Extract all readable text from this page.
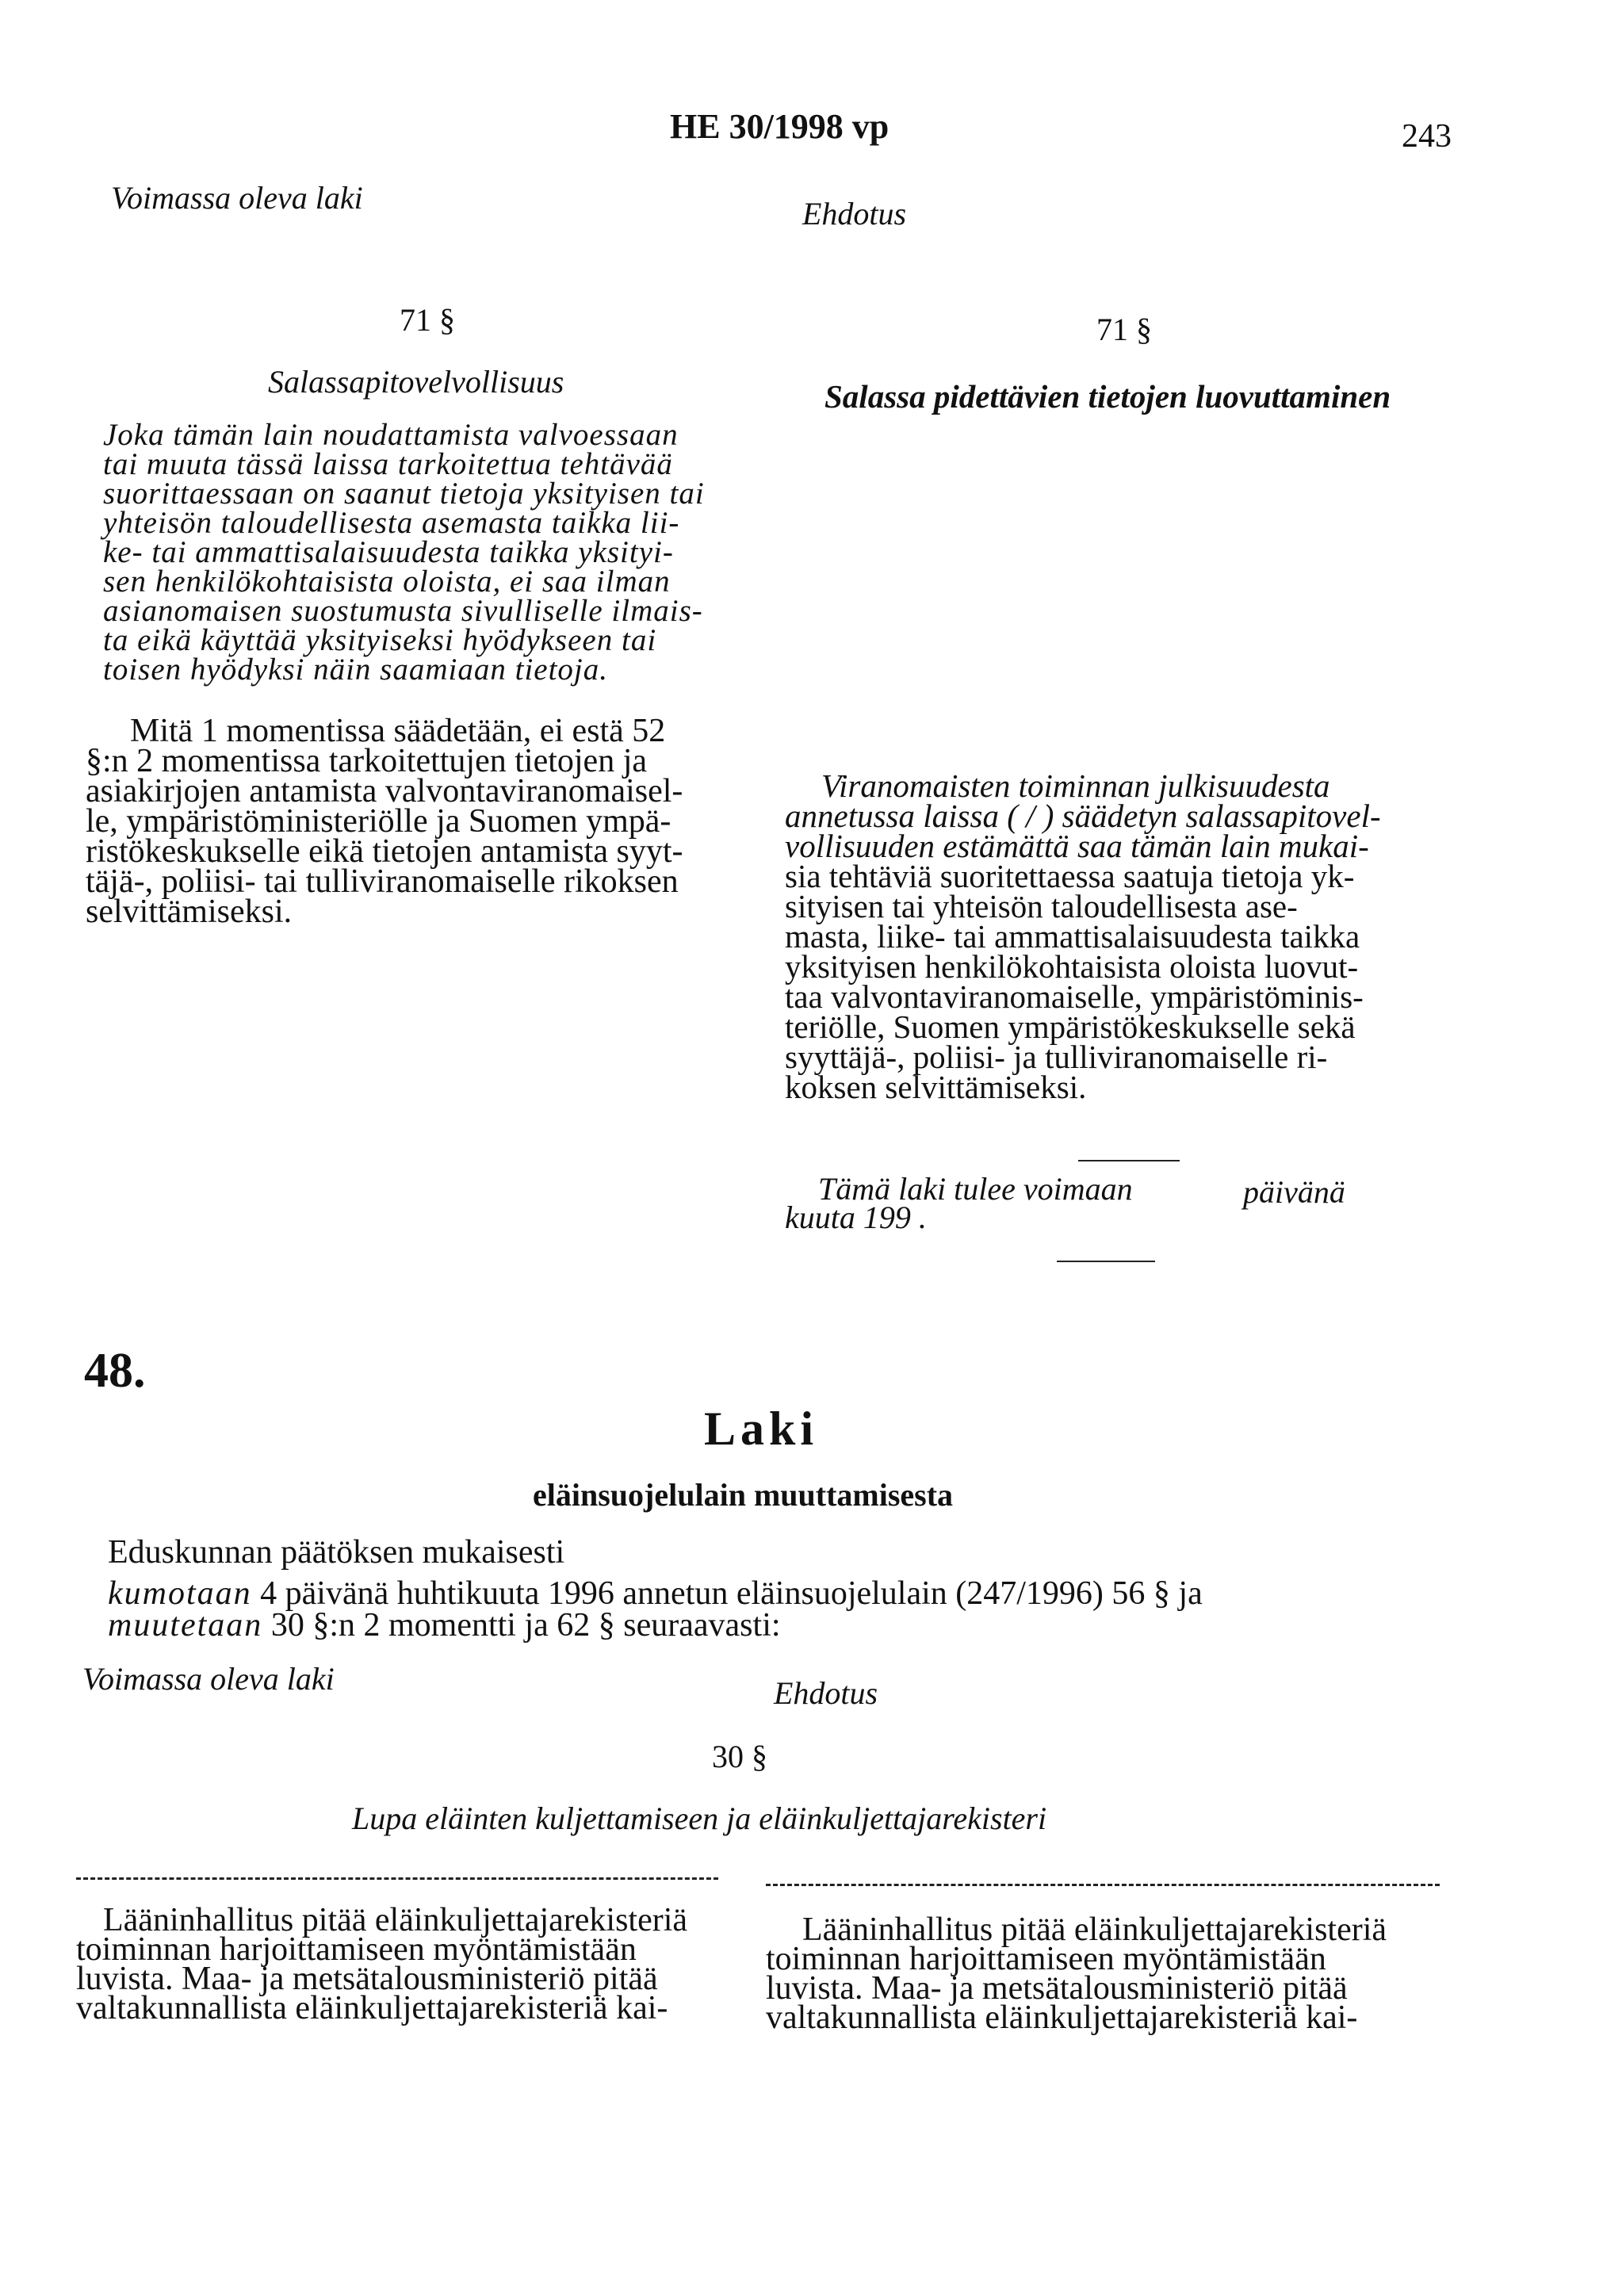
HE 30/1998 vp	243
Voimassa oleva laki	Ehdotus
71 §
Salassapitovelvollisuus
Joka tämän lain noudattamista valvoessaan
tai muuta tässä laissa tarkoitettua tehtävää
suorittaessaan on saanut tietoja yksityisen tai
yhteisön taloudellisesta asemasta taikka lii-
ke- tai ammattisalaisuudesta taikka yksityi-
sen henkilökohtaisista oloista, ei saa ilman
asianomaisen suostumusta sivulliselle ilmais-
ta eikä käyttää yksityiseksi hyödykseen tai
toisen hyödyksi näin saamiaan tietoja.
Mitä 1 momentissa säädetään, ei estä 52
§:n 2 momentissa tarkoitettujen tietojen ja
asiakirjojen antamista valvontaviranomaisel-
le, ympäristöministeriölle ja Suomen ympä-
ristökeskukselle eikä tietojen antamista syyt-
täjä-, poliisi- tai tulliviranomaiselle rikoksen
selvittämiseksi.
71 §
Salassa pidettävien tietojen luovuttaminen
Viranomaisten toiminnan julkisuudesta
annetussa laissa ( / ) säädetyn salassapitovel-
vollisuuden estämättä saa tämän lain mukai-
sia tehtäviä suoritettaessa saatuja tietoja yk-
sityisen tai yhteisön taloudellisesta ase-
masta, liike- tai ammattisalaisuudesta taikka
yksityisen henkilökohtaisista oloista luovut-
taa valvontaviranomaiselle, ympäristöminis-
teriölle, Suomen ympäristökeskukselle sekä
syyttäjä-, poliisi- ja tulliviranomaiselle ri-
koksen selvittämiseksi.
Tämä laki tulee voimaan	päivänä
kuuta 199 .
48.
Laki
eläinsuojelulain muuttamisesta
Eduskunnan päätöksen mukaisesti
kumotaan 4 päivänä huhtikuuta 1996 annetun eläinsuojelulain (247/1996) 56 § ja
muutetaan 30 §:n 2 momentti ja 62 § seuraavasti:
Voimassa oleva laki	Ehdotus
30 §
Lupa eläinten kuljettamiseen ja eläinkuljettajarekisteri
Lääninhallitus pitää eläinkuljettajarekisteriä
toiminnan harjoittamiseen myöntämistään
luvista. Maa- ja metsätalousministeriö pitää
valtakunnallista eläinkuljettajarekisteriä kai-
Lääninhallitus pitää eläinkuljettajarekisteriä
toiminnan harjoittamiseen myöntämistään
luvista. Maa- ja metsätalousministeriö pitää
valtakunnallista eläinkuljettajarekisteriä kai-
